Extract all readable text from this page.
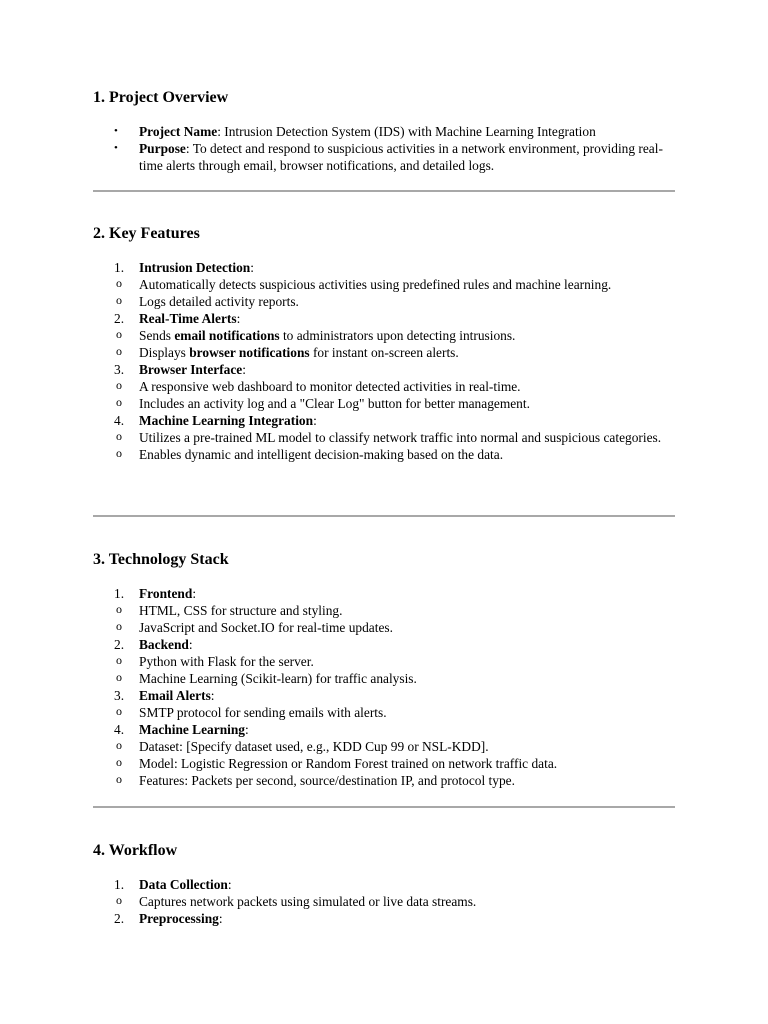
1. Project Overview
• Project Name: Intrusion Detection System (IDS) with Machine Learning Integration
• Purpose: To detect and respond to suspicious activities in a network environment, providing real-time alerts through email, browser notifications, and detailed logs.
2. Key Features
1. Intrusion Detection:
o Automatically detects suspicious activities using predefined rules and machine learning.
o Logs detailed activity reports.
2. Real-Time Alerts:
o Sends email notifications to administrators upon detecting intrusions.
o Displays browser notifications for instant on-screen alerts.
3. Browser Interface:
o A responsive web dashboard to monitor detected activities in real-time.
o Includes an activity log and a "Clear Log" button for better management.
4. Machine Learning Integration:
o Utilizes a pre-trained ML model to classify network traffic into normal and suspicious categories.
o Enables dynamic and intelligent decision-making based on the data.
3. Technology Stack
1. Frontend:
o HTML, CSS for structure and styling.
o JavaScript and Socket.IO for real-time updates.
2. Backend:
o Python with Flask for the server.
o Machine Learning (Scikit-learn) for traffic analysis.
3. Email Alerts:
o SMTP protocol for sending emails with alerts.
4. Machine Learning:
o Dataset: [Specify dataset used, e.g., KDD Cup 99 or NSL-KDD].
o Model: Logistic Regression or Random Forest trained on network traffic data.
o Features: Packets per second, source/destination IP, and protocol type.
4. Workflow
1. Data Collection:
o Captures network packets using simulated or live data streams.
2. Preprocessing:
